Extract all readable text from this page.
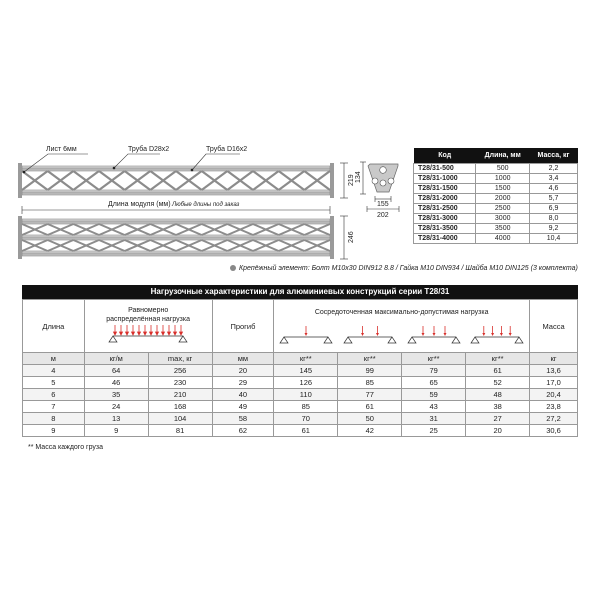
219
246
134
155
202
Лист 6мм	Труба D28x2	Труба D16x2
Длина модуля (мм) Любые длины под заказ
Код	Длина, мм	Масса, кг
T28/31-500	500	2,2
T28/31-1000	1000	3,4
T28/31-1500	1500	4,6
T28/31-2000	2000	5,7
T28/31-2500	2500	6,9
T28/31-3000	3000	8,0
T28/31-3500	3500	9,2
T28/31-4000	4000	10,4
Крепёжный элемент: Болт M10x30 DIN912 8.8 / Гайка M10 DIN934 / Шайба M10 DIN125 (3 комплекта)
Нагрузочные характеристики для алюминиевых конструкций серии T28/31
Длина	Равномерно распределённая нагрузка		Прогиб	Сосредоточенная максимально-допустимая нагрузка				Масса
м	кг/м	max, кг	мм	кг**	кг**	кг**	кг**	кг
4	64	256	20	145	99	79	61	13,6
5	46	230	29	126	85	65	52	17,0
6	35	210	40	110	77	59	48	20,4
7	24	168	49	85	61	43	38	23,8
8	13	104	58	70	50	31	27	27,2
9	9	81	62	61	42	25	20	30,6
** Масса каждого груза
